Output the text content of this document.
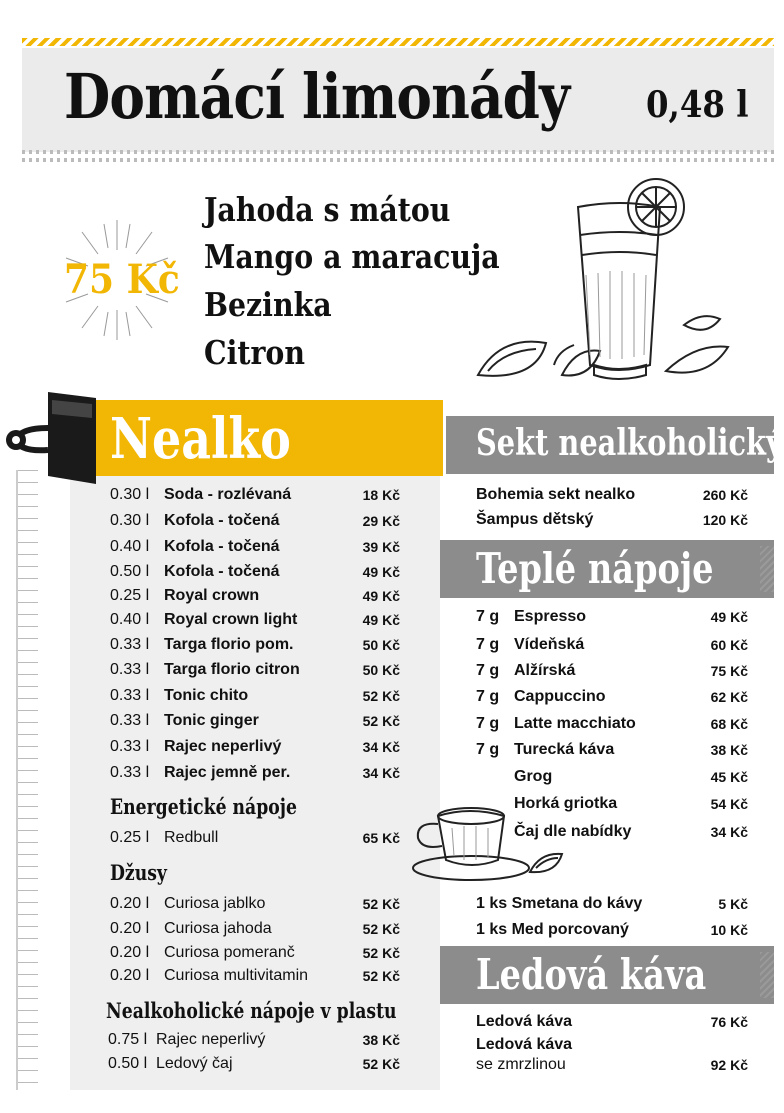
Domácí limonády 0,48 l
75 Kč
Jahoda s mátou
Mango a maracuja
Bezinka
Citron
Nealko
0.30 l Soda - rozlévaná	18 Kč
0.30 l Kofola - točená	29 Kč
0.40 l Kofola - točená	39 Kč
0.50 l Kofola - točená	49 Kč
0.25 l Royal crown	49 Kč
0.40 l Royal crown light	49 Kč
0.33 l Targa florio pom.	50 Kč
0.33 l Targa florio citron	50 Kč
0.33 l Tonic chito	52 Kč
0.33 l Tonic ginger	52 Kč
0.33 l Rajec neperlivý	34 Kč
0.33 l Rajec jemně per.	34 Kč
Energetické nápoje
0.25 l Redbull	65 Kč
Džusy
0.20 l Curiosa jablko	52 Kč
0.20 l Curiosa jahoda	52 Kč
0.20 l Curiosa pomeranč	52 Kč
0.20 l Curiosa multivitamin	52 Kč
Nealkoholické nápoje v plastu
0.75 l Rajec neperlivý	38 Kč
0.50 l Ledový čaj	52 Kč
Sekt nealkoholický
Bohemia sekt nealko	260 Kč
Šampus dětský	120 Kč
Teplé nápoje
7 g Espresso	49 Kč
7 g Vídeňská	60 Kč
7 g Alžírská	75 Kč
7 g Cappuccino	62 Kč
7 g Latte macchiato	68 Kč
7 g Turecká káva	38 Kč
Grog	45 Kč
Horká griotka	54 Kč
Čaj dle nabídky	34 Kč
1 ks Smetana do kávy	5 Kč
1 ks Med porcovaný	10 Kč
Ledová káva
Ledová káva	76 Kč
Ledová káva
se zmrzlinou	92 Kč
